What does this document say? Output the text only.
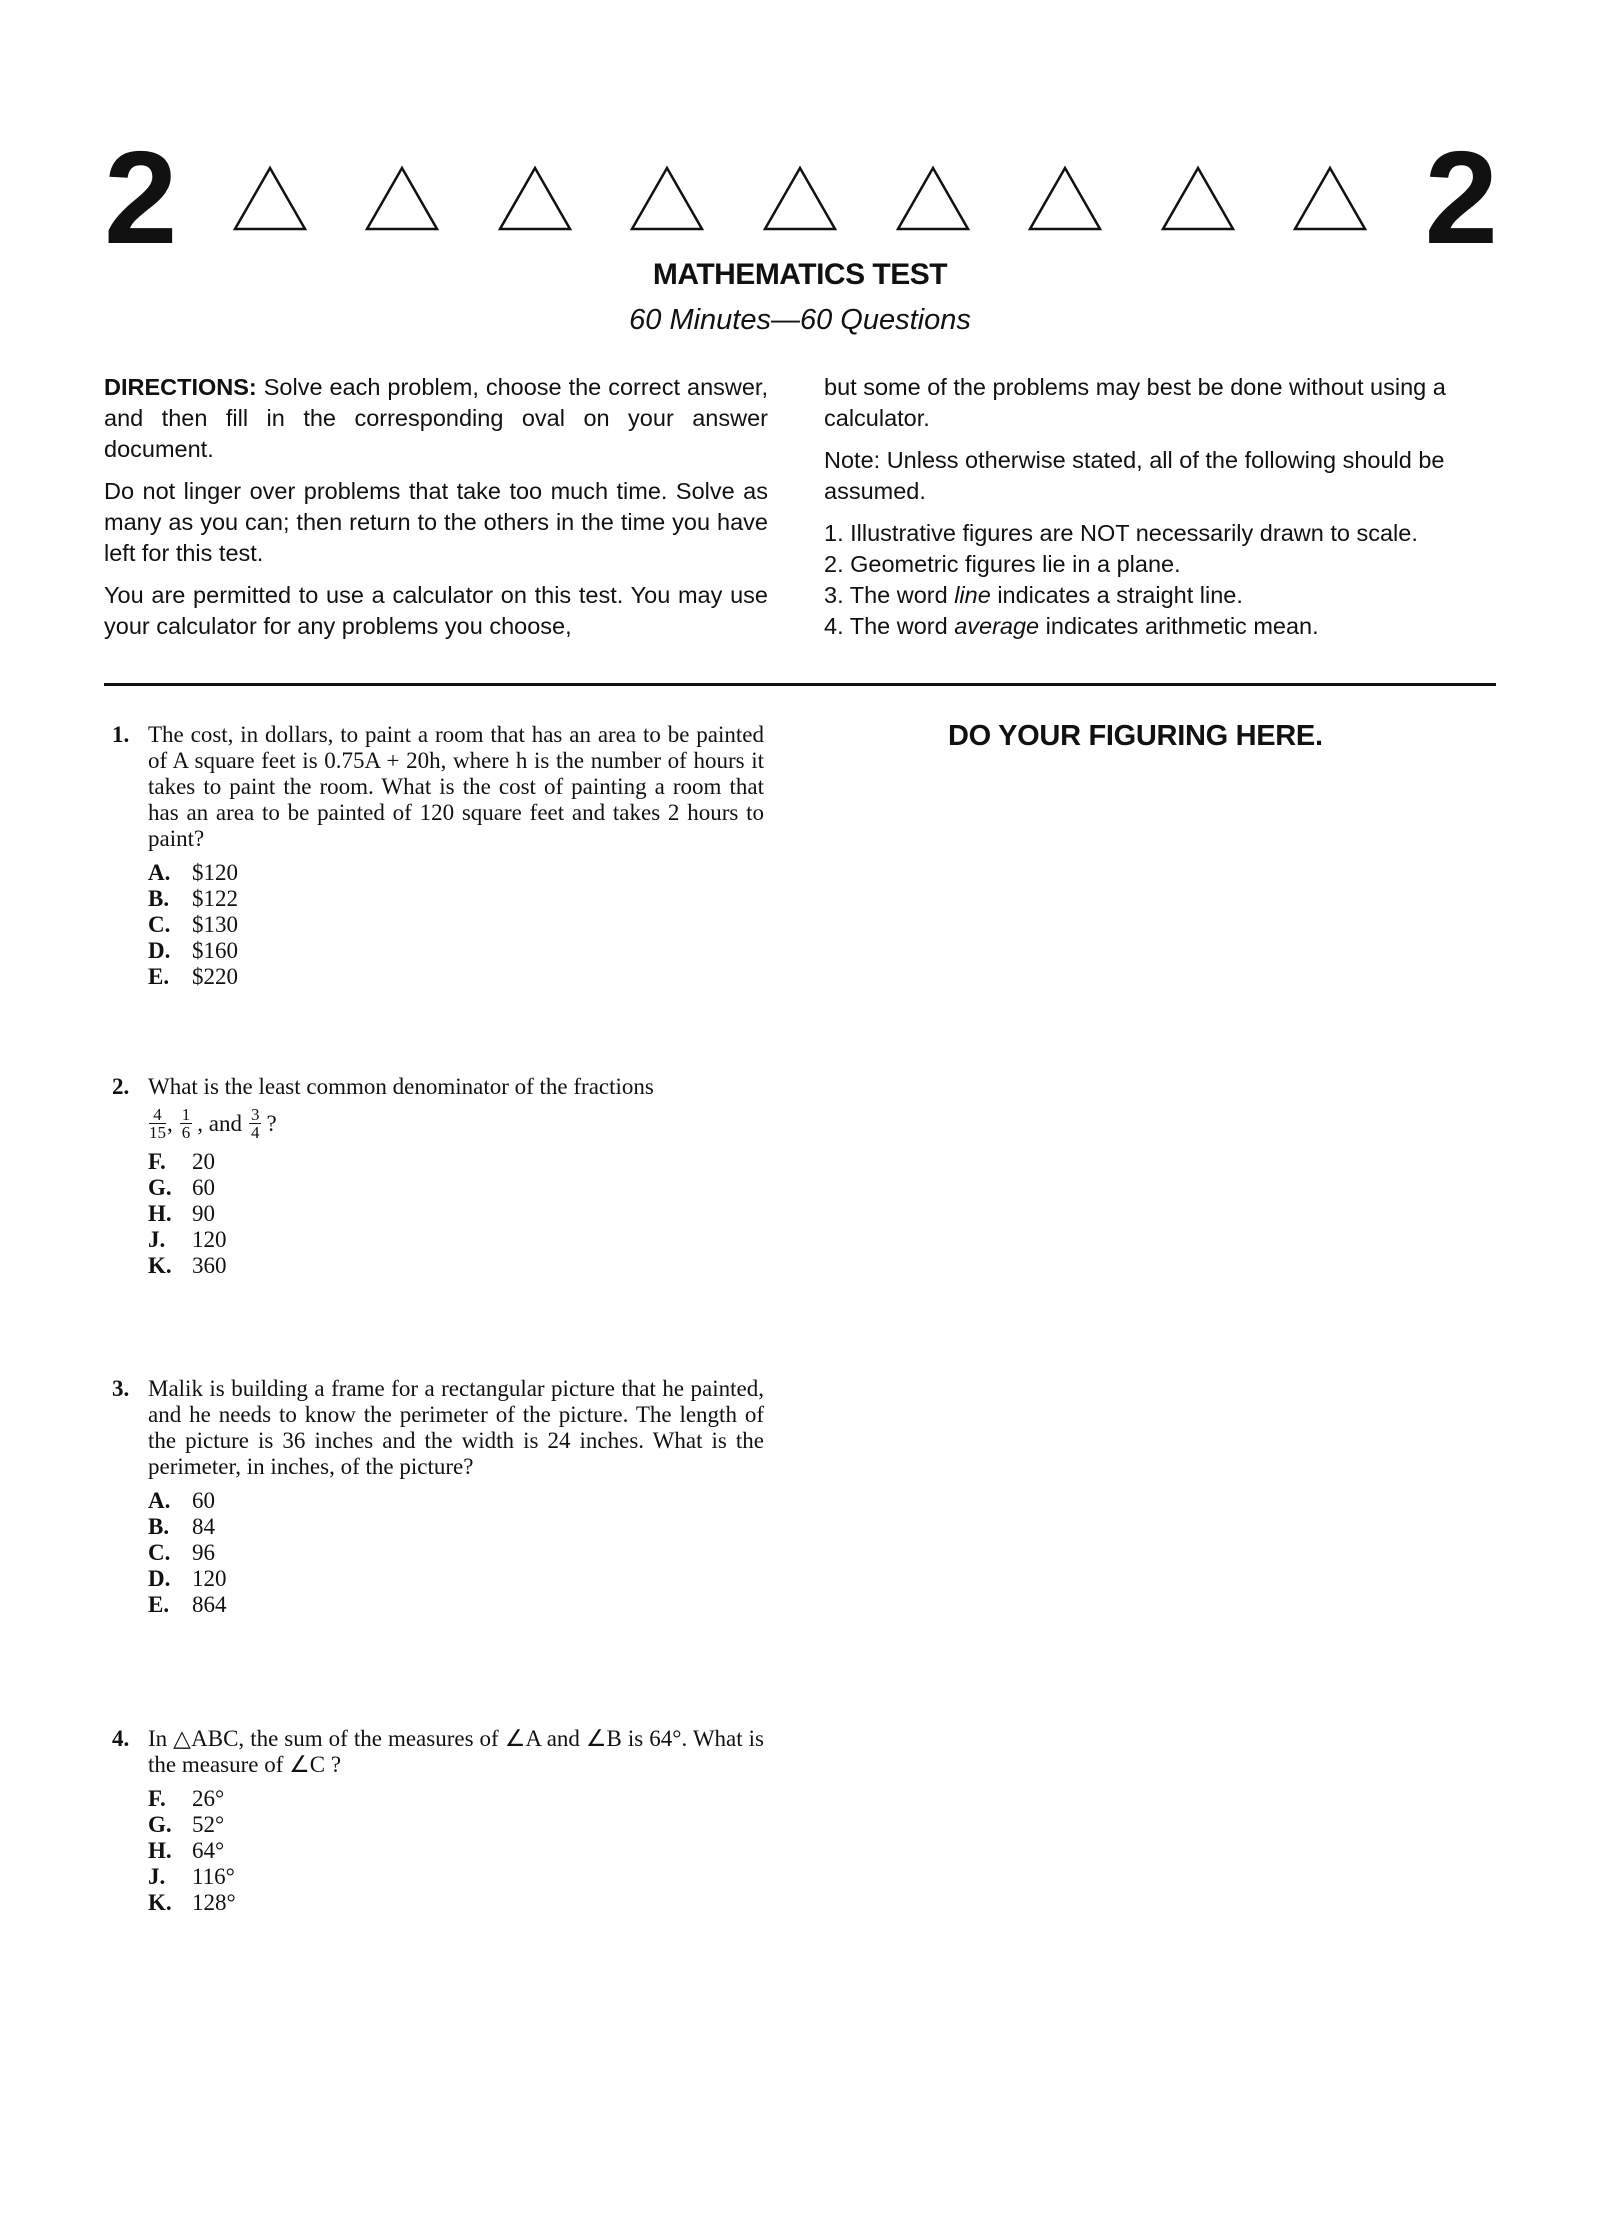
2	2
MATHEMATICS TEST
60 Minutes—60 Questions

DIRECTIONS: Solve each problem, choose the correct answer, and then fill in the corresponding oval on your answer document.

Do not linger over problems that take too much time. Solve as many as you can; then return to the others in the time you have left for this test.

You are permitted to use a calculator on this test. You may use your calculator for any problems you choose,

but some of the problems may best be done without using a calculator.

Note: Unless otherwise stated, all of the following should be assumed.

1. Illustrative figures are NOT necessarily drawn to scale.
2. Geometric figures lie in a plane.
3. The word line indicates a straight line.
4. The word average indicates arithmetic mean.
DO YOUR FIGURING HERE.
1. The cost, in dollars, to paint a room that has an area to be painted of A square feet is 0.75A + 20h, where h is the number of hours it takes to paint the room. What is the cost of painting a room that has an area to be painted of 120 square feet and takes 2 hours to paint?
A. $120
B. $122
C. $130
D. $160
E. $220
2. What is the least common denominator of the fractions
$\frac{4}{15}$ , $\frac{1}{6}$ , and $\frac{3}{4}$ ?
F.	20
G. 60
H. 90
J.	120
K. 360
3. Malik is building a frame for a rectangular picture that he painted, and he needs to know the perimeter of the picture. The length of the picture is 36 inches and the width is 24 inches. What is the perimeter, in inches, of the picture?
A. 60
B. 84
C. 96
D. 120
E. 864
4. In △ABC, the sum of the measures of ∠A and ∠B is 64°. What is the measure of ∠C ?
F.	26°
G. 52°
H. 64°
J.	116°
K. 128°
